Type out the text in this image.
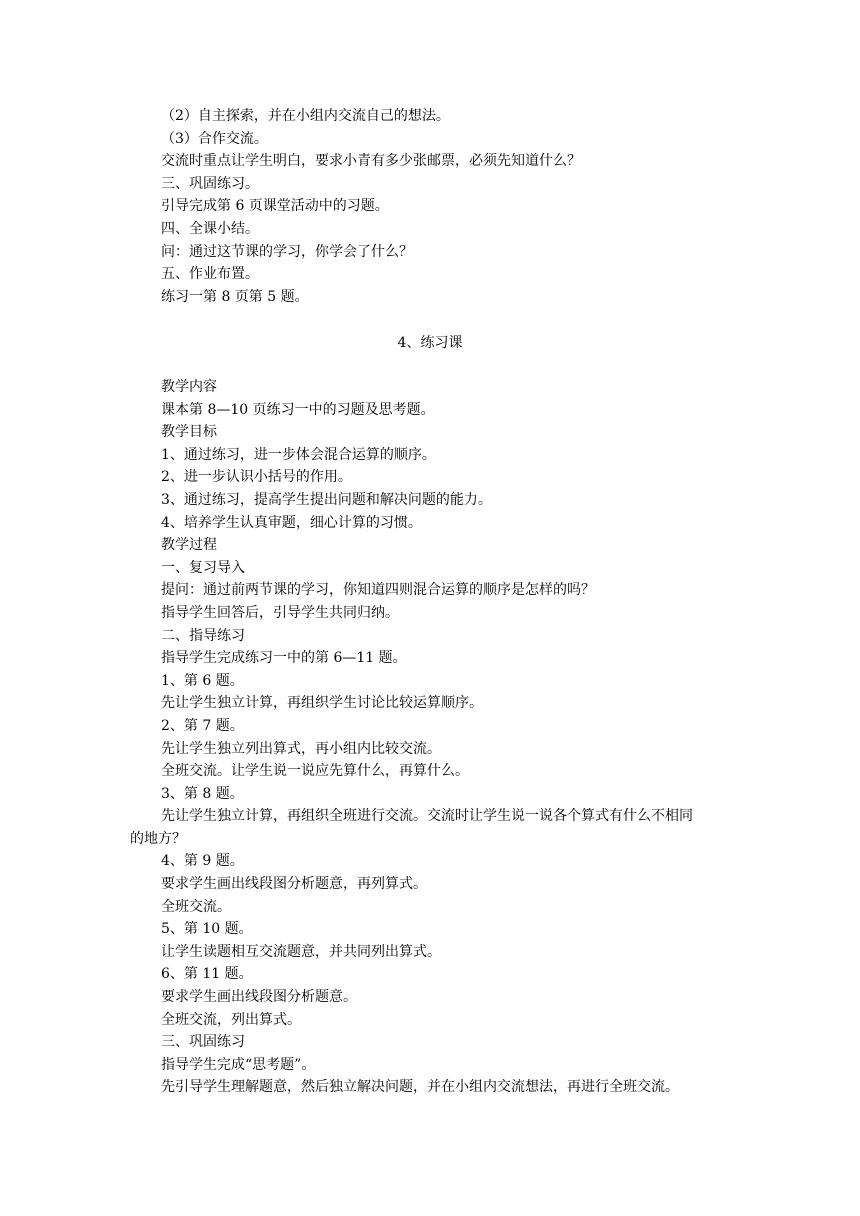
（2）自主探索，并在小组内交流自己的想法。
（3）合作交流。
交流时重点让学生明白，要求小青有多少张邮票，必须先知道什么？
三、巩固练习。
引导完成第 6 页课堂活动中的习题。
四、全课小结。
问：通过这节课的学习，你学会了什么？
五、作业布置。
练习一第 8 页第 5 题。
4、练习课
教学内容
课本第 8—10 页练习一中的习题及思考题。
教学目标
1、通过练习，进一步体会混合运算的顺序。
2、进一步认识小括号的作用。
3、通过练习，提高学生提出问题和解决问题的能力。
4、培养学生认真审题，细心计算的习惯。
教学过程
一、复习导入
提问：通过前两节课的学习，你知道四则混合运算的顺序是怎样的吗？
指导学生回答后，引导学生共同归纳。
二、指导练习
指导学生完成练习一中的第 6—11 题。
1、第 6 题。
先让学生独立计算，再组织学生讨论比较运算顺序。
2、第 7 题。
先让学生独立列出算式，再小组内比较交流。
全班交流。让学生说一说应先算什么，再算什么。
3、第 8 题。
先让学生独立计算，再组织全班进行交流。交流时让学生说一说各个算式有什么不相同
的地方？
4、第 9 题。
要求学生画出线段图分析题意，再列算式。
全班交流。
5、第 10 题。
让学生读题相互交流题意，并共同列出算式。
6、第 11 题。
要求学生画出线段图分析题意。
全班交流，列出算式。
三、巩固练习
指导学生完成“思考题”。
先引导学生理解题意，然后独立解决问题，并在小组内交流想法，再进行全班交流。
